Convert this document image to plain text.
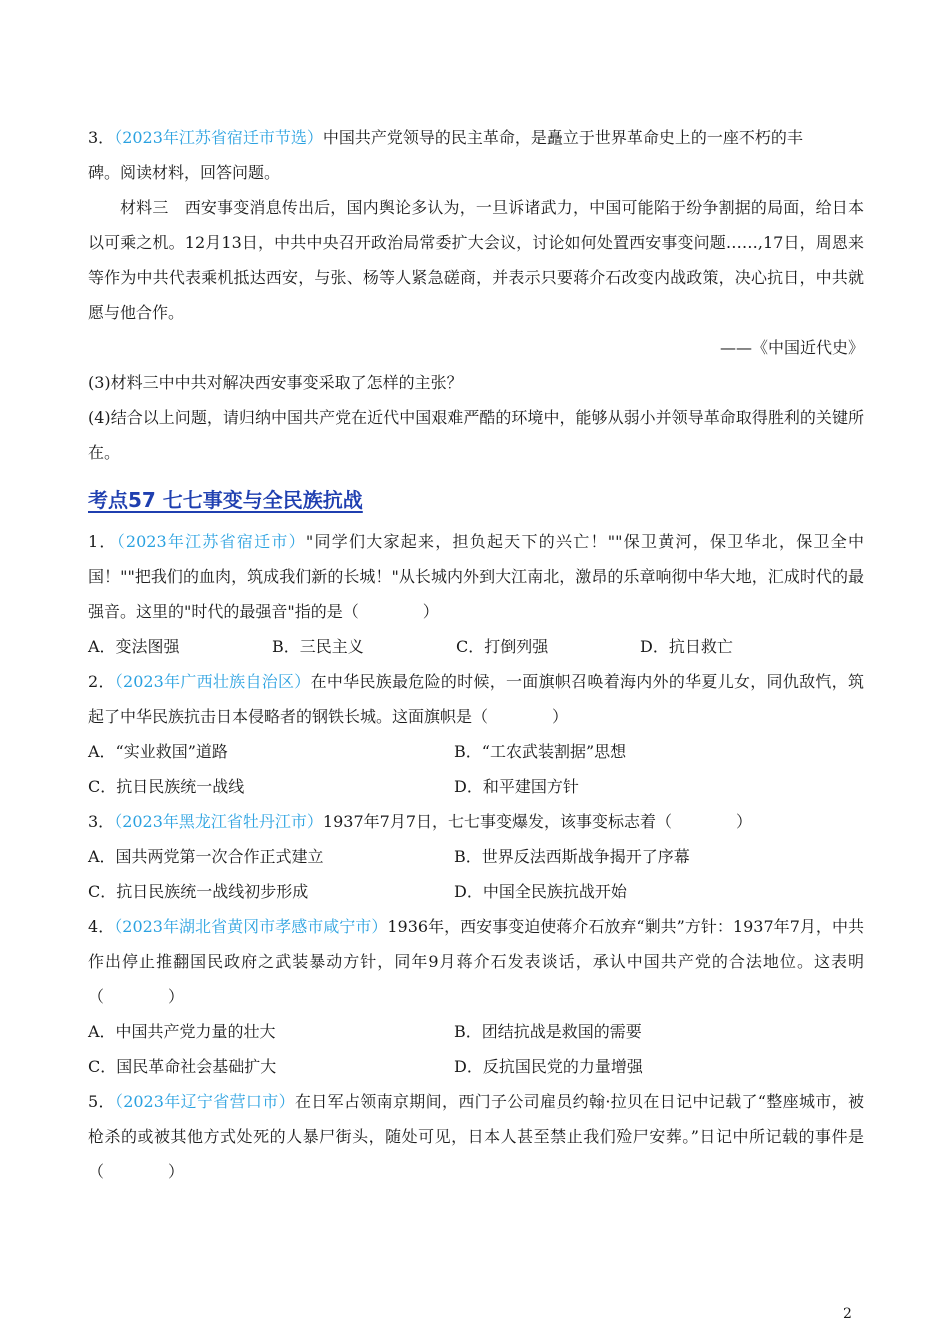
3．（2023年江苏省宿迁市节选）中国共产党领导的民主革命，是矗立于世界革命史上的一座不朽的丰
碑。阅读材料，回答问题。
材料三　西安事变消息传出后，国内舆论多认为，一旦诉诸武力，中国可能陷于纷争割据的局面，给日本以可乘之机。12月13日，中共中央召开政治局常委扩大会议，讨论如何处置西安事变问题……,17日，周恩来等作为中共代表乘机抵达西安，与张、杨等人紧急磋商，并表示只要蒋介石改变内战政策，决心抗日，中共就愿与他合作。
——《中国近代史》
(3)材料三中中共对解决西安事变采取了怎样的主张？
(4)结合以上问题，请归纳中国共产党在近代中国艰难严酷的环境中，能够从弱小并领导革命取得胜利的关键所在。
考点57 七七事变与全民族抗战
1．（2023年江苏省宿迁市）"同学们大家起来，担负起天下的兴亡！""保卫黄河，保卫华北，保卫全中国！""把我们的血肉，筑成我们新的长城！"从长城内外到大江南北，激昂的乐章响彻中华大地，汇成时代的最强音。这里的"时代的最强音"指的是（　　　　）
A．变法图强	B．三民主义	C．打倒列强	D．抗日救亡
2．（2023年广西壮族自治区）在中华民族最危险的时候，一面旗帜召唤着海内外的华夏儿女，同仇敌忾，筑起了中华民族抗击日本侵略者的钢铁长城。这面旗帜是（　　　　）
A．“实业救国”道路	B．“工农武装割据”思想
C．抗日民族统一战线	D．和平建国方针
3．（2023年黑龙江省牡丹江市）1937年7月7日，七七事变爆发，该事变标志着（　　　　）
A．国共两党第一次合作正式建立	B．世界反法西斯战争揭开了序幕
C．抗日民族统一战线初步形成	D．中国全民族抗战开始
4．（2023年湖北省黄冈市孝感市咸宁市）1936年，西安事变迫使蒋介石放弃“剿共”方针：1937年7月，中共作出停止推翻国民政府之武装暴动方针，同年9月蒋介石发表谈话，承认中国共产党的合法地位。这表明（　　　　）
A．中国共产党力量的壮大	B．团结抗战是救国的需要
C．国民革命社会基础扩大	D．反抗国民党的力量增强
5．（2023年辽宁省营口市）在日军占领南京期间，西门子公司雇员约翰·拉贝在日记中记载了“整座城市，被枪杀的或被其他方式处死的人暴尸街头，随处可见，日本人甚至禁止我们殓尸安葬。”日记中所记载的事件是（　　　　）
2
